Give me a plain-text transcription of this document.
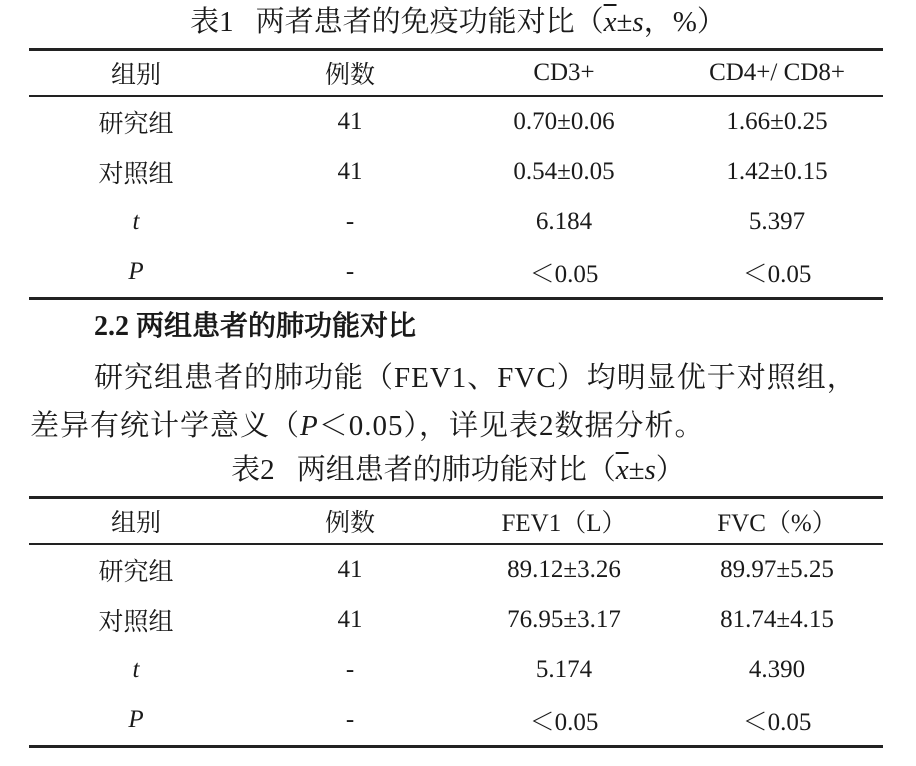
表1 两者患者的免疫功能对比（$\overline{x}\pm s$，%）
组别	例数	CD3+	CD4+/ CD8+
研究组	41	0.70±0.06	1.66±0.25
对照组	41	0.54±0.05	1.42±0.15
t	-	6.184	5.397
P	-	＜0.05	＜0.05
2.2 两组患者的肺功能对比
研究组患者的肺功能（FEV1、FVC）均明显优于对照组，差异有统计学意义（P＜0.05），详见表2数据分析。
表2 两组患者的肺功能对比$(\overline{x}\pm s)$
组别	例数	FEV1（L）	FVC（%）
研究组	41	89.12±3.26	89.97±5.25
对照组	41	76.95±3.17	81.74±4.15
t	-	5.174	4.390
P	-	＜0.05	＜0.05
